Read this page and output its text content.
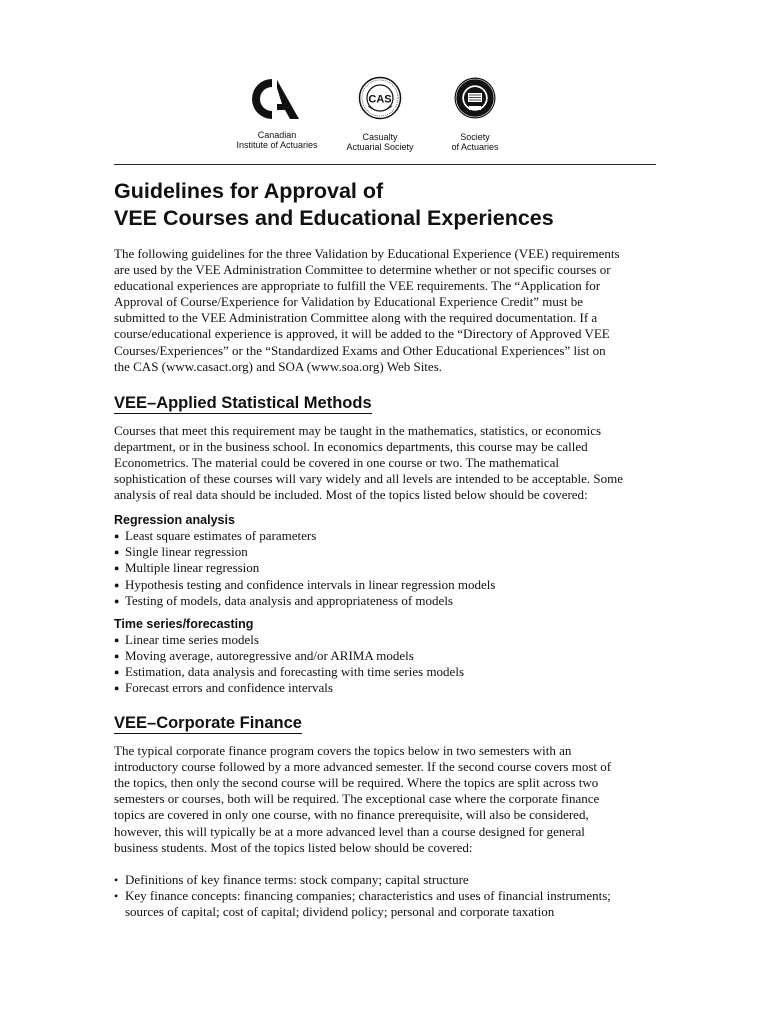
Canadian
Institute of Actuaries
CAS
Casualty
Actuarial Society
Society
of Actuaries
Guidelines for Approval of
VEE Courses and Educational Experiences

The following guidelines for the three Validation by Educational Experience (VEE) requirements
are used by the VEE Administration Committee to determine whether or not specific courses or
educational experiences are appropriate to fulfill the VEE requirements. The “Application for
Approval of Course/Experience for Validation by Educational Experience Credit” must be
submitted to the VEE Administration Committee along with the required documentation. If a
course/educational experience is approved, it will be added to the “Directory of Approved VEE
Courses/Experiences” or the “Standardized Exams and Other Educational Experiences” list on
the CAS (www.casact.org) and SOA (www.soa.org) Web Sites.

VEE–Applied Statistical Methods

Courses that meet this requirement may be taught in the mathematics, statistics, or economics
department, or in the business school. In economics departments, this course may be called
Econometrics. The material could be covered in one course or two. The mathematical
sophistication of these courses will vary widely and all levels are intended to be acceptable. Some
analysis of real data should be included. Most of the topics listed below should be covered:

Regression analysis
● Least square estimates of parameters
● Single linear regression
● Multiple linear regression
● Hypothesis testing and confidence intervals in linear regression models
● Testing of models, data analysis and appropriateness of models
Time series/forecasting
● Linear time series models
● Moving average, autoregressive and/or ARIMA models
● Estimation, data analysis and forecasting with time series models
● Forecast errors and confidence intervals
VEE–Corporate Finance

The typical corporate finance program covers the topics below in two semesters with an
introductory course followed by a more advanced semester. If the second course covers most of
the topics, then only the second course will be required. Where the topics are split across two
semesters or courses, both will be required. The exceptional case where the corporate finance
topics are covered in only one course, with no finance prerequisite, will also be considered,
however, this will typically be at a more advanced level than a course designed for general
business students. Most of the topics listed below should be covered:

• Definitions of key finance terms: stock company; capital structure
• Key finance concepts: financing companies; characteristics and uses of financial instruments;
sources of capital; cost of capital; dividend policy; personal and corporate taxation
